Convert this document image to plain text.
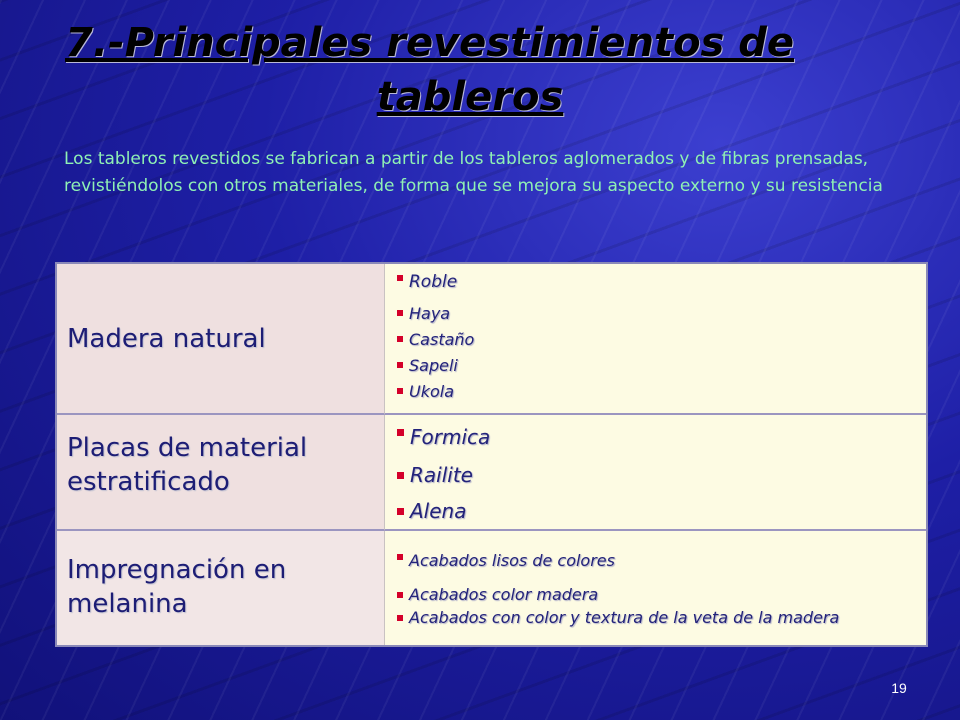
7.-Principales revestimientos de
tableros
Los tableros revestidos se fabrican a partir de los tableros aglomerados y de fibras prensadas, revistiéndolos con otros materiales, de forma que se mejora su aspecto externo y su resistencia
Madera natural
Roble
Haya
Castaño
Sapeli
Ukola
Placas de material estratificado
Formica
Railite
Alena
Impregnación en melanina
Acabados lisos de colores
Acabados color madera
Acabados con color y textura de la veta de la madera
19
